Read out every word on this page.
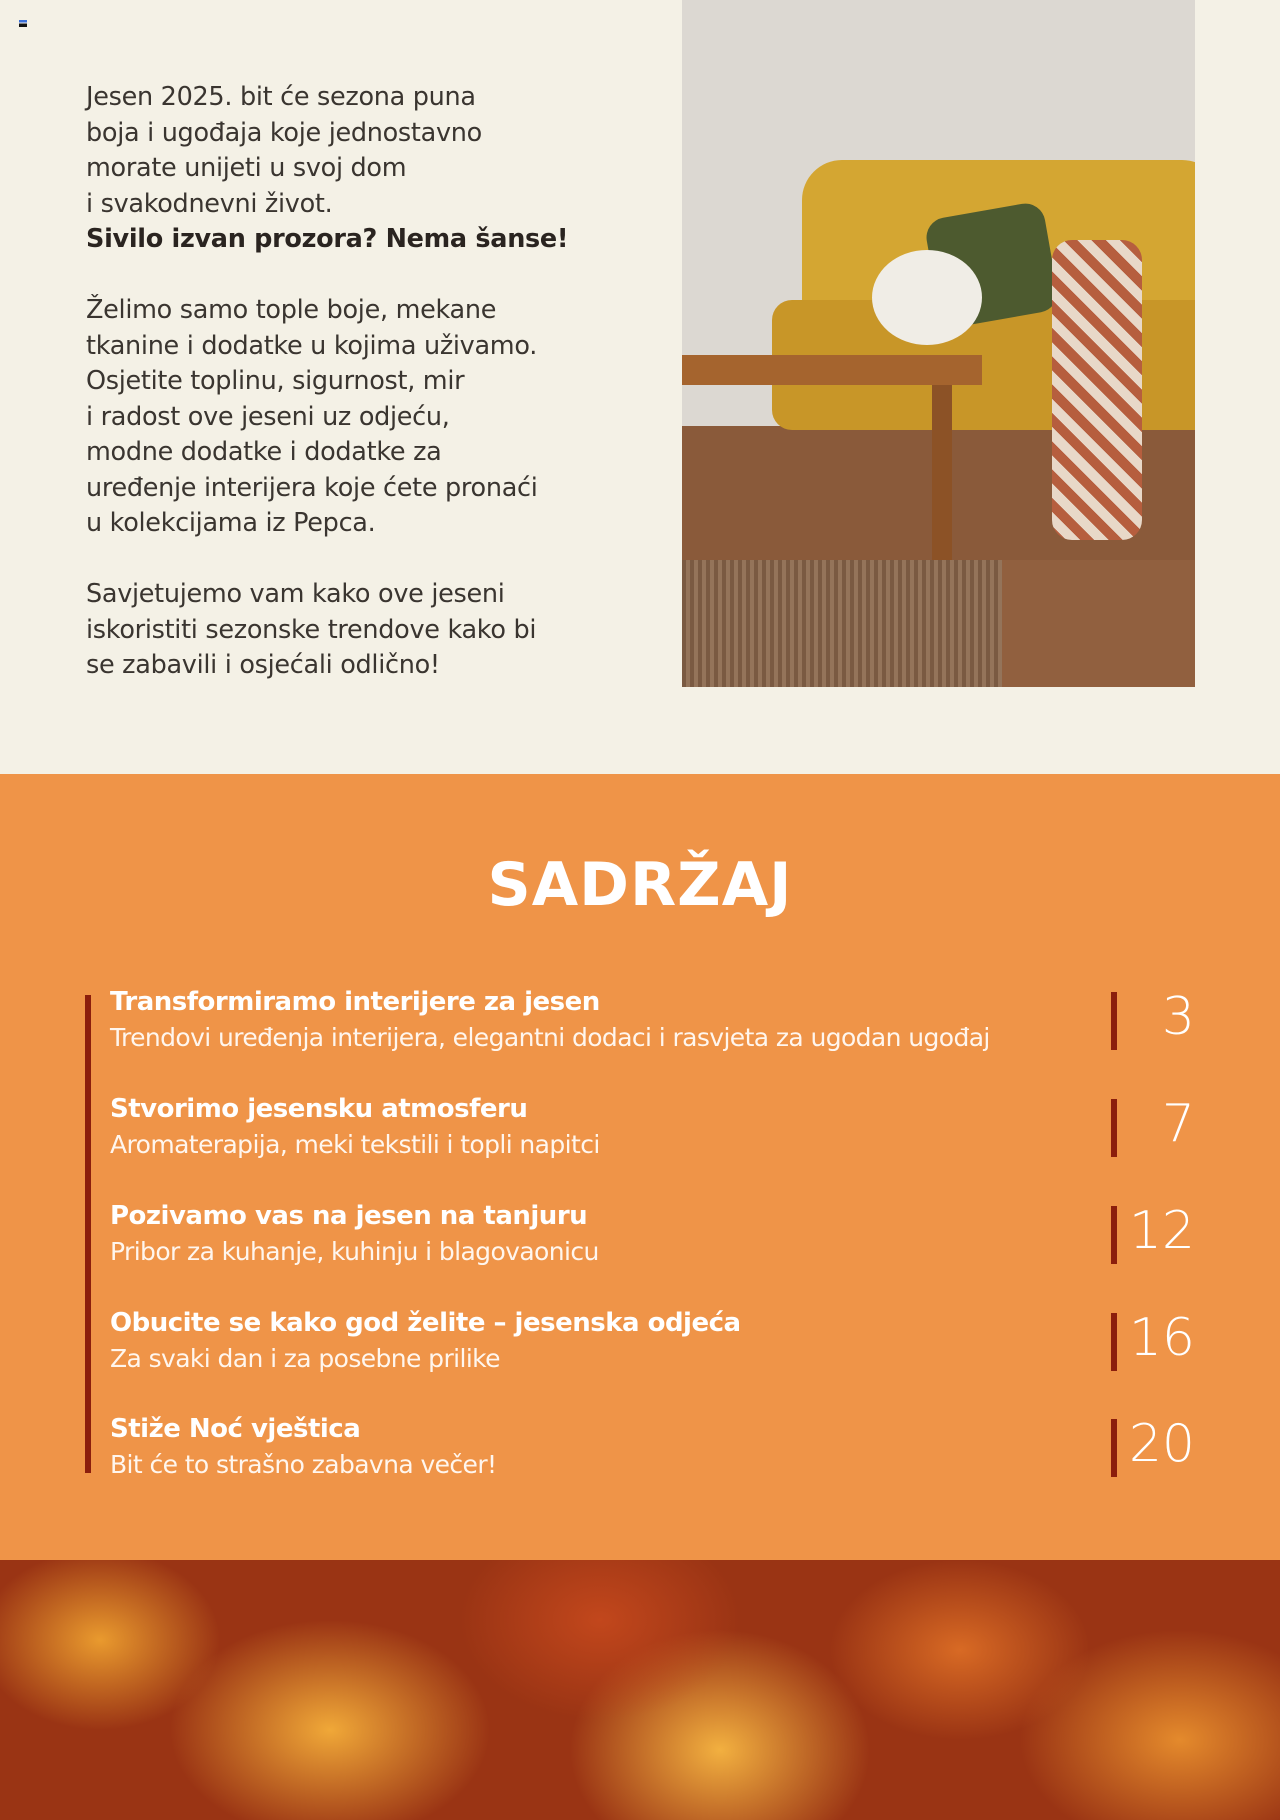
Jesen 2025. bit će sezona puna
boja i ugođaja koje jednostavno
morate unijeti u svoj dom
i svakodnevni život.
Sivilo izvan prozora? Nema šanse!

Želimo samo tople boje, mekane
tkanine i dodatke u kojima uživamo.
Osjetite toplinu, sigurnost, mir
i radost ove jeseni uz odjeću,
modne dodatke i dodatke za
uređenje interijera koje ćete pronaći
u kolekcijama iz Pepca.

Savjetujemo vam kako ove jeseni
iskoristiti sezonske trendove kako bi
se zabavili i osjećali odlično!

SADRŽAJ
Transformiramo interijere za jesen
Trendovi uređenja interijera, elegantni dodaci i rasvjeta za ugodan ugođaj	3
Stvorimo jesensku atmosferu
Aromaterapija, meki tekstili i topli napitci	7
Pozivamo vas na jesen na tanjuru
Pribor za kuhanje, kuhinju i blagovaonicu	12
Obucite se kako god želite – jesenska odjeća
Za svaki dan i za posebne prilike	16
Stiže Noć vještica
Bit će to strašno zabavna večer!	20
